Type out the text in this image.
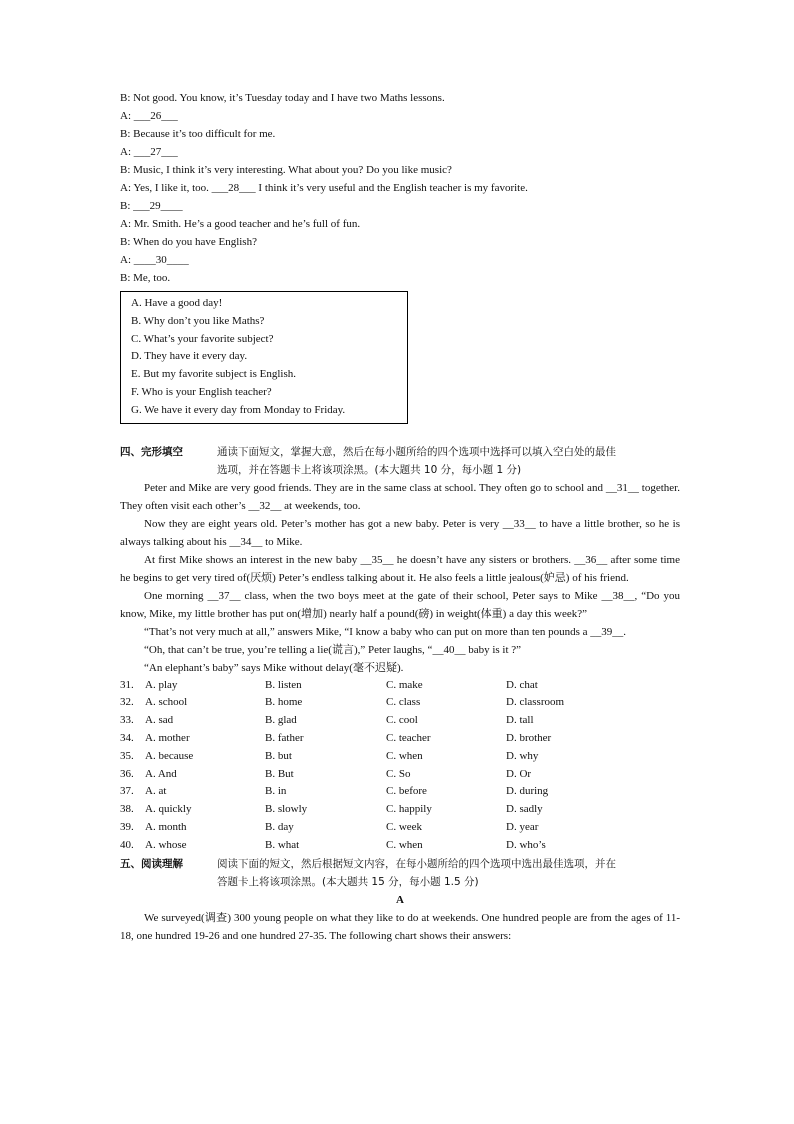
B: Not good. You know, it’s Tuesday today and I have two Maths lessons.
A: ___26___
B: Because it’s too difficult for me.
A: ___27___
B: Music, I think it’s very interesting. What about you? Do you like music?
A: Yes, I like it, too. ___28___ I think it’s very useful and the English teacher is my favorite.
B: ___29____
A: Mr. Smith. He’s a good teacher and he’s full of fun.
B: When do you have English?
A: ____30____
B: Me, too.
A. Have a good day!
B. Why don’t you like Maths?
C. What’s your favorite subject?
D. They have it every day.
E. But my favorite subject is English.
F. Who is your English teacher?
G. We have it every day from Monday to Friday.
四、完形填空	通读下面短文，掌握大意，然后在每小题所给的四个选项中选择可以填入空白处的最佳
选项，并在答题卡上将该项涂黑。(本大题共 10 分，每小题 1 分)
Peter and Mike are very good friends. They are in the same class at school. They often go to school and __31__ together. They often visit each other’s __32__ at weekends, too.
Now they are eight years old. Peter’s mother has got a new baby. Peter is very __33__ to have a little brother, so he is always talking about his __34__ to Mike.
At first Mike shows an interest in the new baby __35__ he doesn’t have any sisters or brothers. __36__ after some time he begins to get very tired of(厌烦) Peter’s endless talking about it. He also feels a little jealous(妒忌) of his friend.
One morning __37__ class, when the two boys meet at the gate of their school, Peter says to Mike __38__, “Do you know, Mike, my little brother has put on(增加) nearly half a pound(磅) in weight(体重) a day this week?”
“That’s not very much at all,” answers Mike, “I know a baby who can put on more than ten pounds a __39__.
“Oh, that can’t be true, you’re telling a lie(谎言),” Peter laughs, “__40__ baby is it ?”
“An elephant’s baby” says Mike without delay(毫不迟疑).
31.	A. play	B. listen	C. make	D. chat
32.	A. school	B. home	C. class	D. classroom
33.	A. sad	B. glad	C. cool	D. tall
34.	A. mother	B. father	C. teacher	D. brother
35.	A. because	B. but	C. when	D. why
36.	A. And	B. But	C. So	D. Or
37.	A. at	B. in	C. before	D. during
38.	A. quickly	B. slowly	C. happily	D. sadly
39.	A. month	B. day	C. week	D. year
40.	A. whose	B. what	C. when	D. who’s
五、阅读理解	阅读下面的短文，然后根据短文内容，在每小题所给的四个选项中选出最佳选项，并在
答题卡上将该项涂黑。(本大题共 15 分，每小题 1.5 分)
A
We surveyed(调查) 300 young people on what they like to do at weekends. One hundred people are from the ages of 11-18, one hundred 19-26 and one hundred 27-35. The following chart shows their answers:
